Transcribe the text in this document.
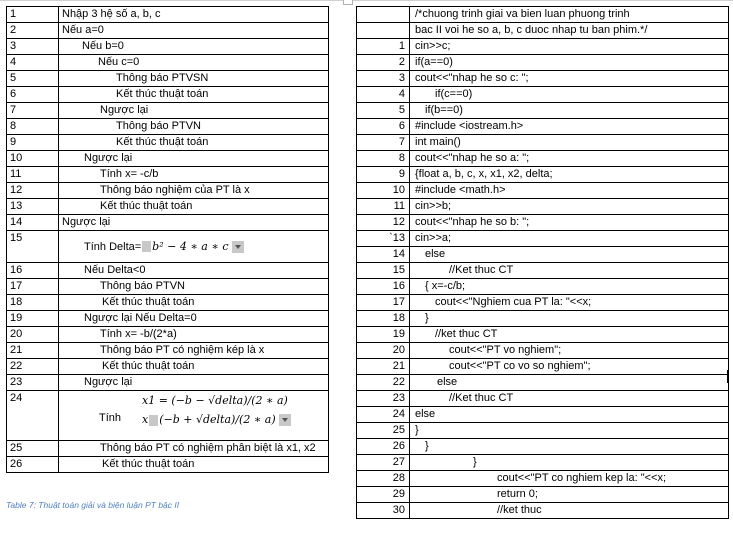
1	Nhập 3 hệ số a, b, c
2	Nếu a=0
3	Nếu b=0
4	Nếu c=0
5	Thông báo PTVSN
6	Kết thúc thuật toán
7	Ngược lại
8	Thông báo PTVN
9	Kết thúc thuật toán
10	Ngược lại
11	Tính x= -c/b
12	Thông báo nghiệm của PT là x
13	Kết thúc thuật toán
14	Ngược lại
15	Tính Delta= b² − 4 ∗ a ∗ c
16	Nếu Delta<0
17	Thông báo PTVN
18	Kết thúc thuật toán
19	Ngược lại Nếu Delta=0
20	Tính x= -b/(2*a)
21	Thông báo PT có nghiệm kép là x
22	Kết thúc thuật toán
23	Ngược lại
24	Tính
x1 = (−b − √delta)/(2 ∗ a)
x (−b + √delta)/(2 ∗ a)

25	Thông báo PT có nghiệm phân biệt là x1, x2
26	Kết thúc thuật toán
Table 7: Thuật toán giải và biện luận PT bậc II
	/*chuong trinh giai va bien luan phuong trinh
	bac II voi he so a, b, c duoc nhap tu ban phim.*/
1	cin>>c;
2	if(a==0)
3	cout<<"nhap he so c: ";
4	if(c==0)
5	if(b==0)
6	#include <iostream.h>
7	int main()
8	cout<<"nhap he so a: ";
9	{float a, b, c, x, x1, x2, delta;
10	#include <math.h>
11	cin>>b;
12	cout<<"nhap he so b: ";
`13	cin>>a;
14	else
15	//Ket thuc CT
16	{ x=-c/b;
17	cout<<"Nghiem cua PT la: "<<x;
18	}
19	//ket thuc CT
20	cout<<"PT vo nghiem";
21	cout<<"PT co vo so nghiem";
22	else
23	//Ket thuc CT
24	else
25	}
26	}
27	}
28	cout<<"PT co nghiem kep la: "<<x;
29	return 0;
30	//ket thuc
